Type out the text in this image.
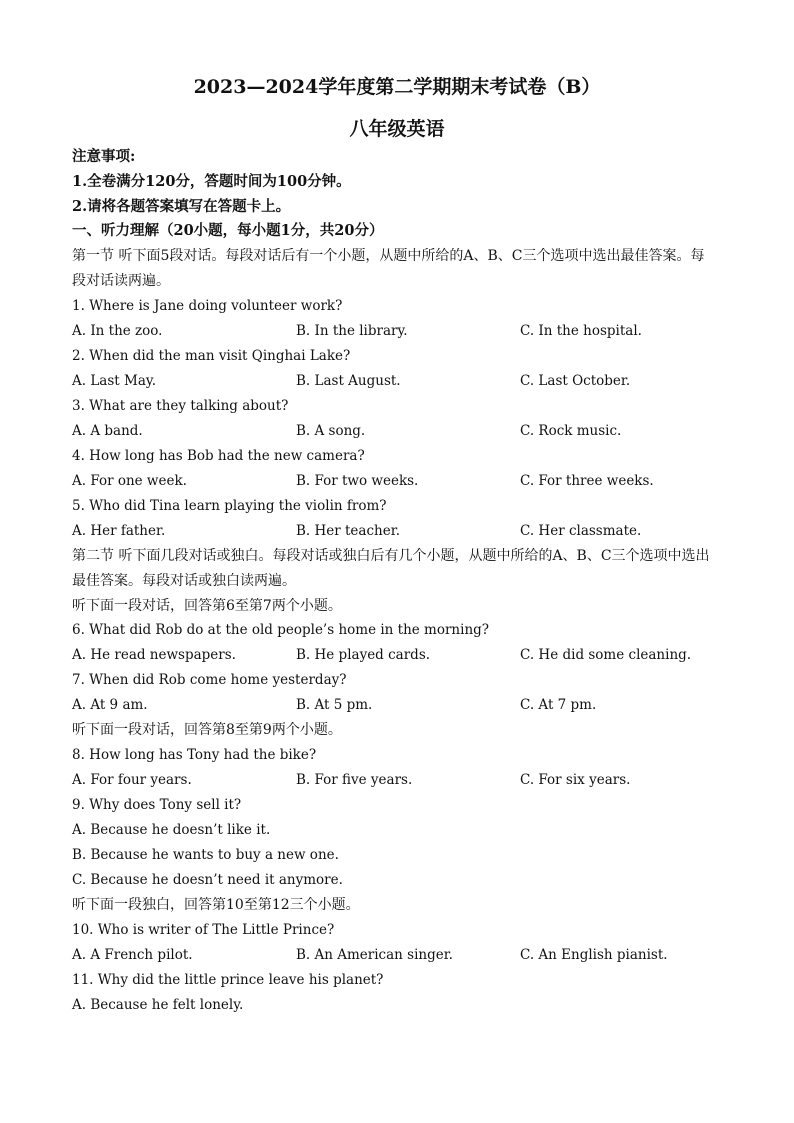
2023—2024学年度第二学期期末考试卷（B）
八年级英语
注意事项:
1.全卷满分120分，答题时间为100分钟。
2.请将各题答案填写在答题卡上。
一、听力理解（20小题，每小题1分，共20分）
第一节 听下面5段对话。每段对话后有一个小题，从题中所给的A、B、C三个选项中选出最佳答案。每
段对话读两遍。
1. Where is Jane doing volunteer work?
A. In the zoo.	B. In the library.	C. In the hospital.
2. When did the man visit Qinghai Lake?
A. Last May.	B. Last August.	C. Last October.
3. What are they talking about?
A. A band.	B. A song.	C. Rock music.
4. How long has Bob had the new camera?
A. For one week.	B. For two weeks.	C. For three weeks.
5. Who did Tina learn playing the violin from?
A. Her father.	B. Her teacher.	C. Her classmate.
第二节 听下面几段对话或独白。每段对话或独白后有几个小题，从题中所给的A、B、C三个选项中选出
最佳答案。每段对话或独白读两遍。
听下面一段对话，回答第6至第7两个小题。
6. What did Rob do at the old people’s home in the morning?
A. He read newspapers.	B. He played cards.	C. He did some cleaning.
7. When did Rob come home yesterday?
A. At 9 am.	B. At 5 pm.	C. At 7 pm.
听下面一段对话，回答第8至第9两个小题。
8. How long has Tony had the bike?
A. For four years.	B. For five years.	C. For six years.
9. Why does Tony sell it?
A. Because he doesn’t like it.
B. Because he wants to buy a new one.
C. Because he doesn’t need it anymore.
听下面一段独白，回答第10至第12三个小题。
10. Who is writer of The Little Prince?
A. A French pilot.	B. An American singer.	C. An English pianist.
11. Why did the little prince leave his planet?
A. Because he felt lonely.
